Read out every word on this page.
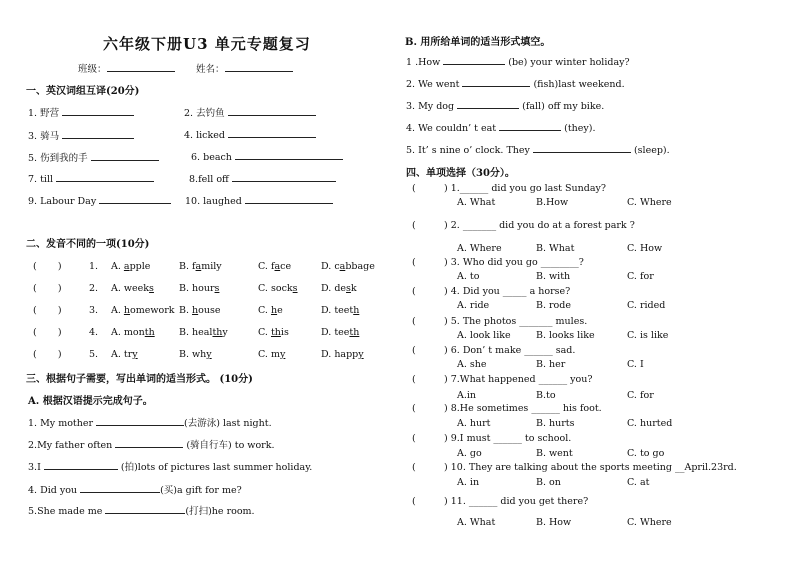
六年级下册U3 单元专题复习
班级：	姓名：
一、英汉词组互译(20分)
1. 野营	2. 去钓鱼
3. 骑马	4. licked
5. 伤到我的手	6. beach
7. till	8.fell off
9. Labour Day	10. laughed
二、发音不同的一项(10分)
(       )	1. A. apple	B. family	C. face	D. cabbage
(       )	2. A. weeks	B. hours	C. socks D. desk
(       )	3. A. homework B. house	C. he	D. teeth
(       )	4. A. month	B. healthy	C. this	D. teeth
(       )	5. A. try	B. why	C. my	D. happy
三、根据句子需要，写出单词的适当形式。 (10分)
A. 根据汉语提示完成句子。
1. My mother	(去游泳) last night.
2.My father often	(骑自行车) to work.
3.I	(拍)lots of pictures last summer holiday.
4. Did you	(买)a gift for me?
5.She made me	(打扫)he room.
B. 用所给单词的适当形式填空。
1 .How	(be) your winter holiday?
2. We went	(fish)last weekend.
3. My dog	(fall) off my bike.
4. We couldn’ t eat	(they).
5. It’ s nine o’ clock. They	(sleep).
四、单项选择（30分）。
(	) 1.______ did you go last Sunday?
A. What	B.How	C. Where
(	) 2. _______ did you do at a forest park ?
A. Where	B. What	C. How
(	) 3. Who did you go ________?
A. to	B. with	C. for
(	) 4. Did you _____ a horse?
A. ride	B. rode	C. rided
(	) 5. The photos _______ mules.
A. look like	B. looks like	C. is like
(	) 6. Don’ t make ______ sad.
A. she	B. her	C. I
(	) 7.What happened ______ you?
A.in	B.to	C. for
(	) 8.He sometimes ______ his foot.
A. hurt	B. hurts	C. hurted
(	) 9.I must ______ to school.
A. go	B. went	C. to go
(	) 10. They are talking about the sports meeting __April.23rd.
A. in	B. on	C. at
(	) 11. ______ did you get there?
A. What	B. How	C. Where
